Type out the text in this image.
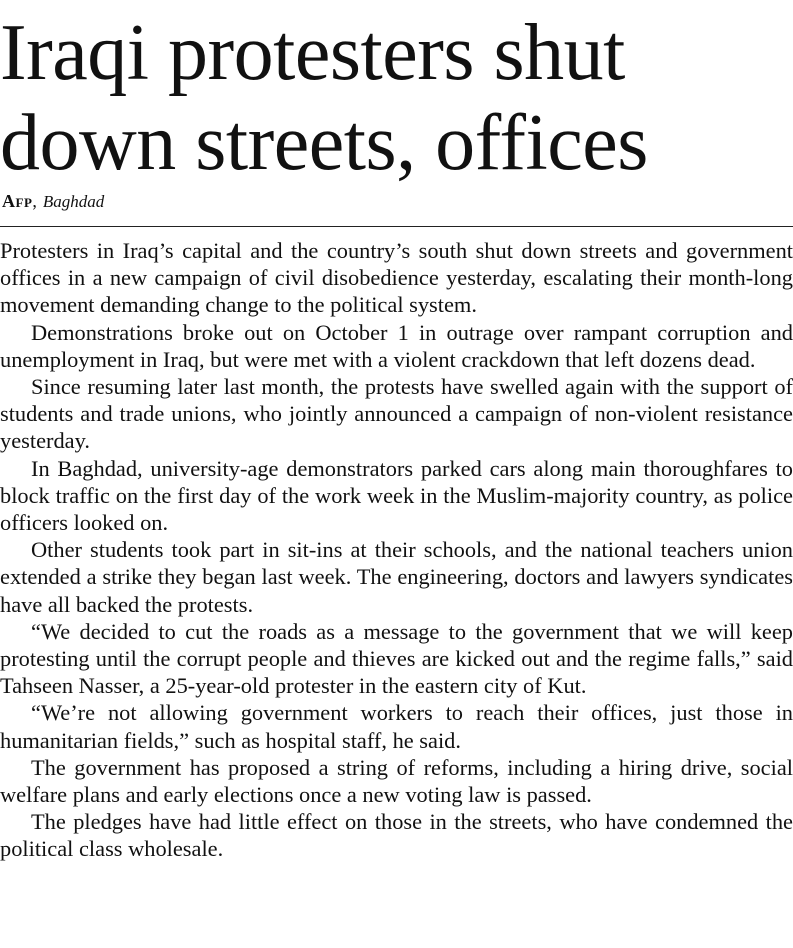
Iraqi protesters shut
down streets, offices
Afp, Baghdad

Protesters in Iraq’s capital and the country’s south shut down streets and government offices in a new campaign of civil disobedience yesterday, escalating their month-long movement demanding change to the political system.

Demonstrations broke out on October 1 in outrage over rampant corruption and unemployment in Iraq, but were met with a violent crackdown that left dozens dead.

Since resuming later last month, the protests have swelled again with the support of students and trade unions, who jointly announced a campaign of non-violent resistance yesterday.

In Baghdad, university-age demonstrators parked cars along main thoroughfares to block traffic on the first day of the work week in the Muslim-majority country, as police officers looked on.

Other students took part in sit-ins at their schools, and the national teachers union extended a strike they began last week. The engineering, doctors and lawyers syndicates have all backed the protests.

“We decided to cut the roads as a message to the government that we will keep protesting until the corrupt people and thieves are kicked out and the regime falls,” said Tahseen Nasser, a 25-year-old protester in the eastern city of Kut.

“We’re not allowing government workers to reach their offices, just those in humanitarian fields,” such as hospital staff, he said.

The government has proposed a string of reforms, including a hiring drive, social welfare plans and early elections once a new voting law is passed.

The pledges have had little effect on those in the streets, who have condemned the political class wholesale.
